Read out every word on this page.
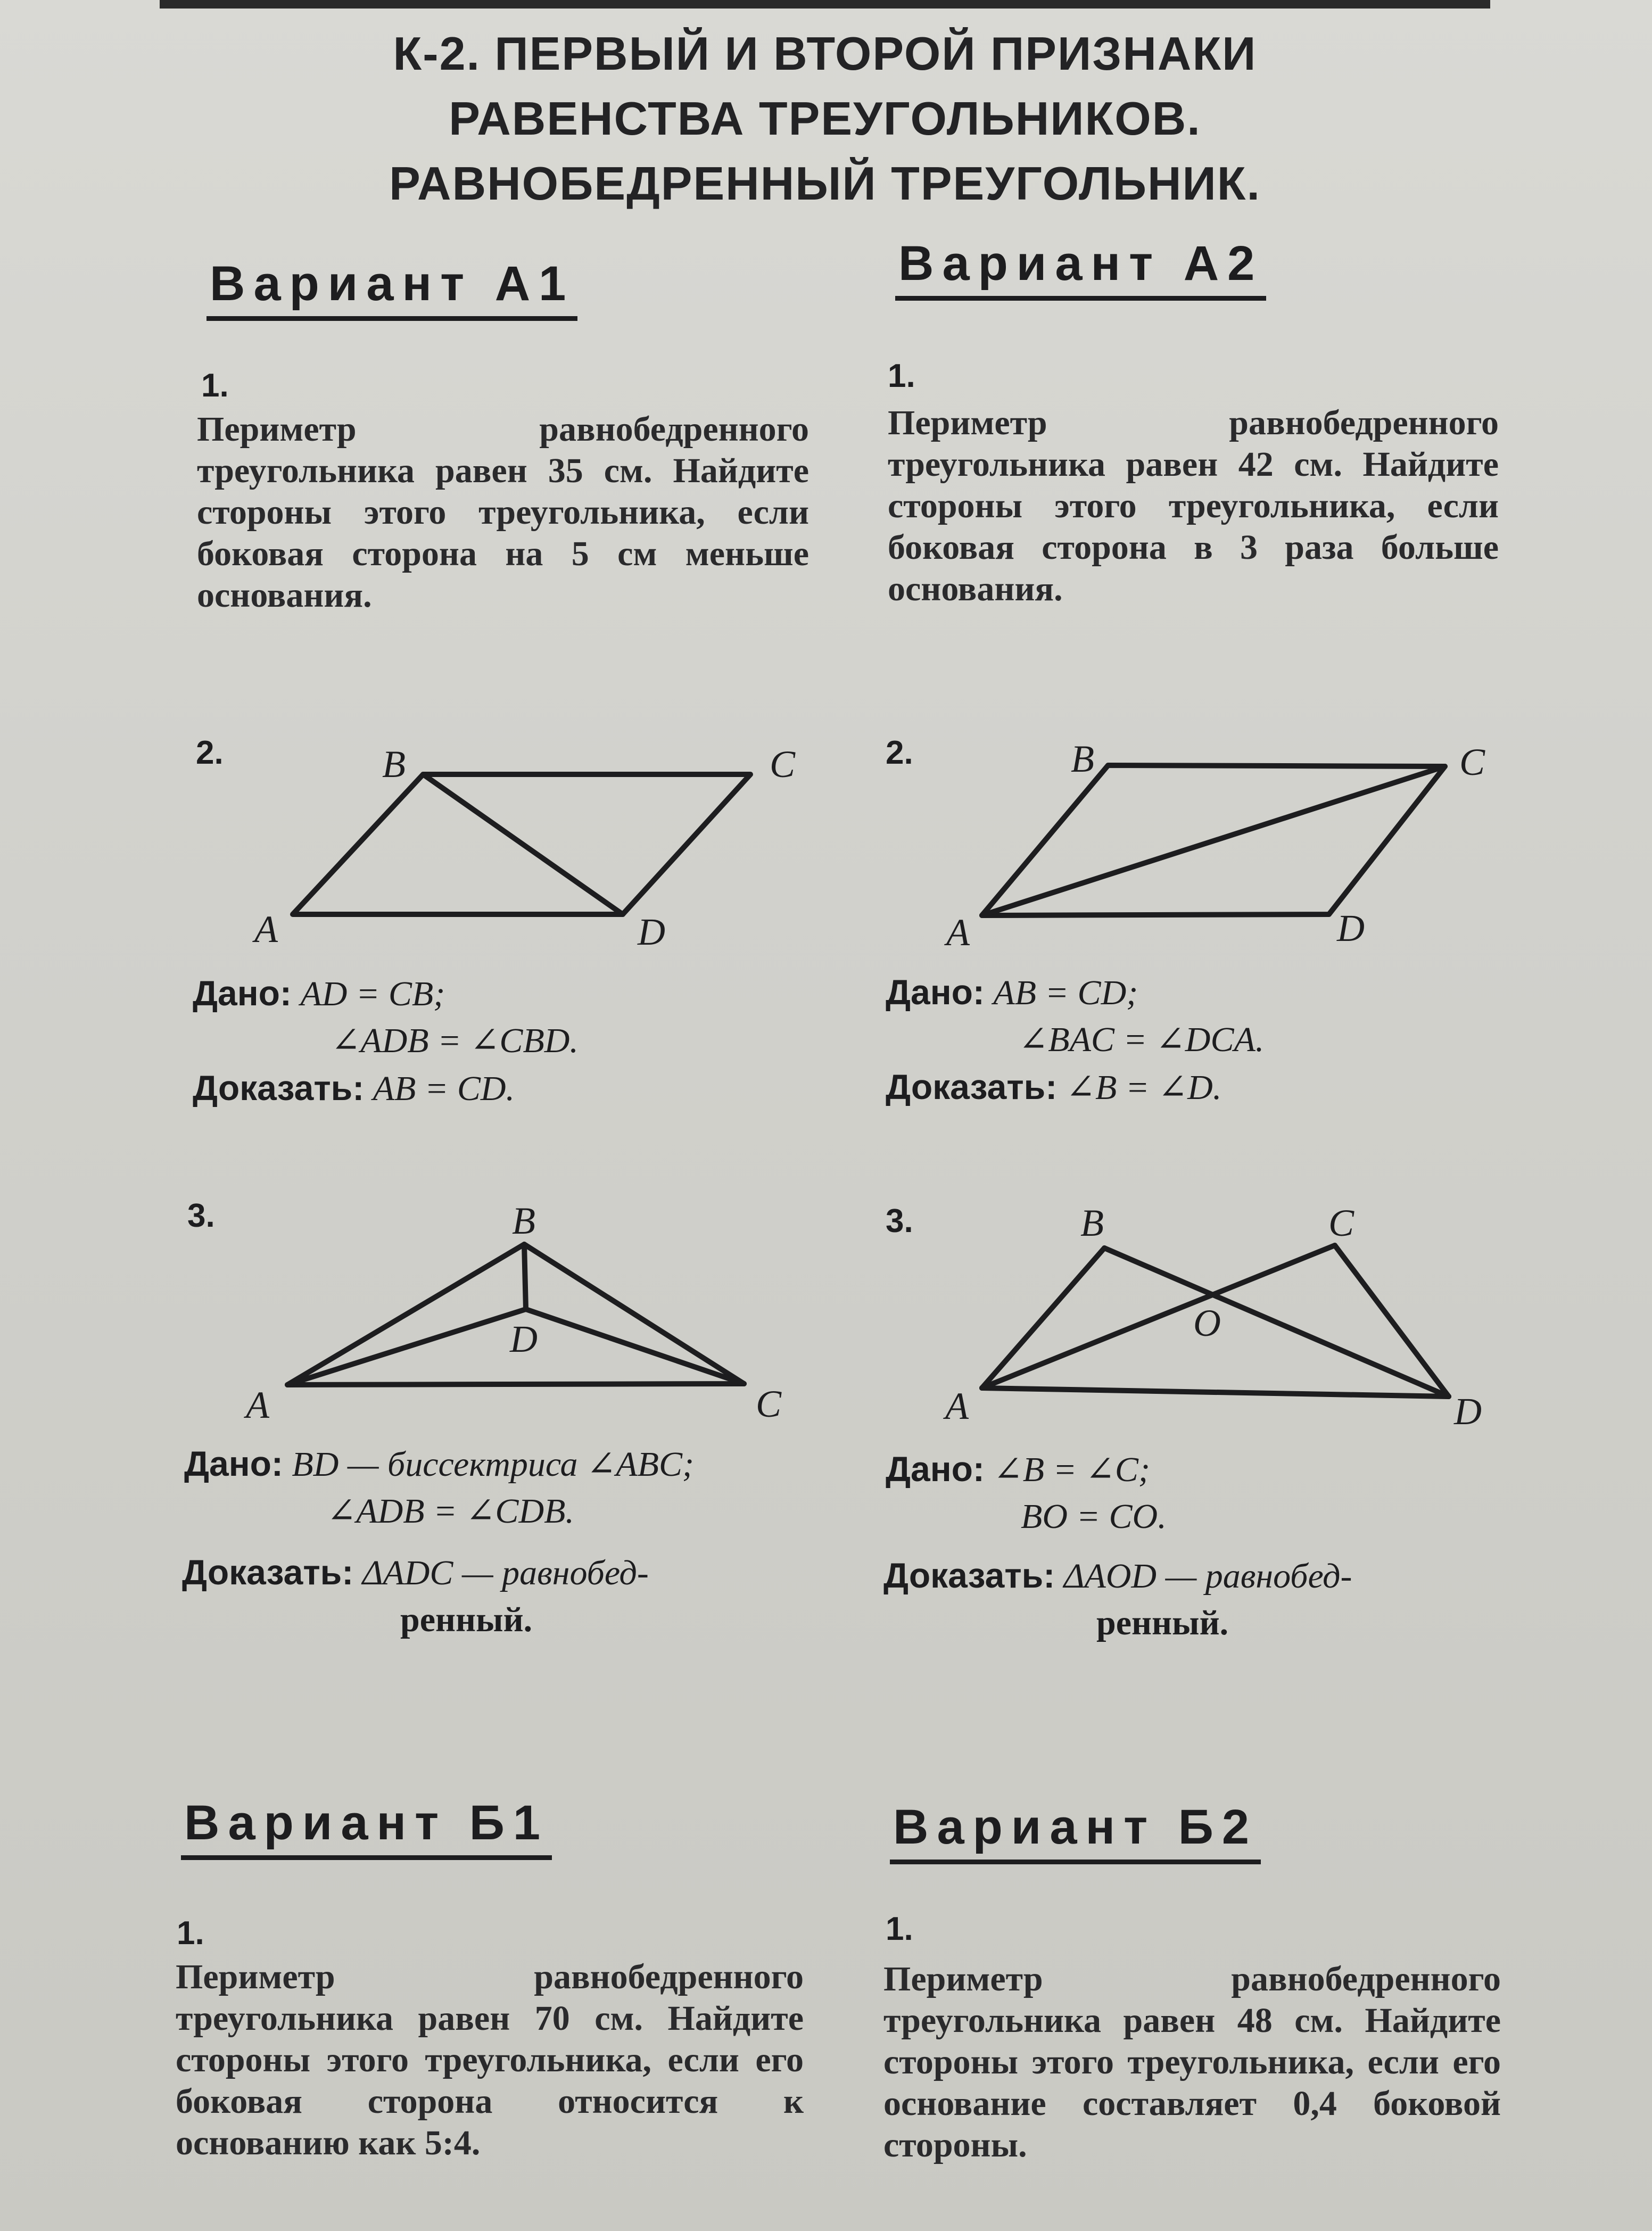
К-2. ПЕРВЫЙ И ВТОРОЙ ПРИЗНАКИ
РАВЕНСТВА ТРЕУГОЛЬНИКОВ.
РАВНОБЕДРЕННЫЙ ТРЕУГОЛЬНИК.
Вариант А1
1.
Периметр равнобедренного треугольника равен 35 см. Найдите стороны этого треугольника, если боковая сторона на 5 см меньше основания.
2.
A
B	C
D
Дано: AD = CB;
∠ADB = ∠CBD.
Доказать: AB = CD.
3.
A
B
C
D
Дано: BD — биссектриса ∠ABC;
∠ADB = ∠CDB.
Доказать: ΔADC — равнобед-
ренный.
Вариант А2
1.
Периметр равнобедренного треугольника равен 42 см. Найдите стороны этого треугольника, если боковая сторона в 3 раза больше основания.
2.
A
B	C
D
Дано: AB = CD;
∠BAC = ∠DCA.
Доказать: ∠B = ∠D.
3.
A
B	C
D
O
Дано: ∠B = ∠C;
BO = CO.
Доказать: ΔAOD — равнобед-
ренный.
Вариант Б1
1.
Периметр равнобедренного треугольника равен 70 см. Найдите стороны этого треугольника, если его боковая сторона относится к основанию как 5:4.
Вариант Б2
1.
Периметр равнобедренного треугольника равен 48 см. Найдите стороны этого треугольника, если его основание составляет 0,4 боковой стороны.
